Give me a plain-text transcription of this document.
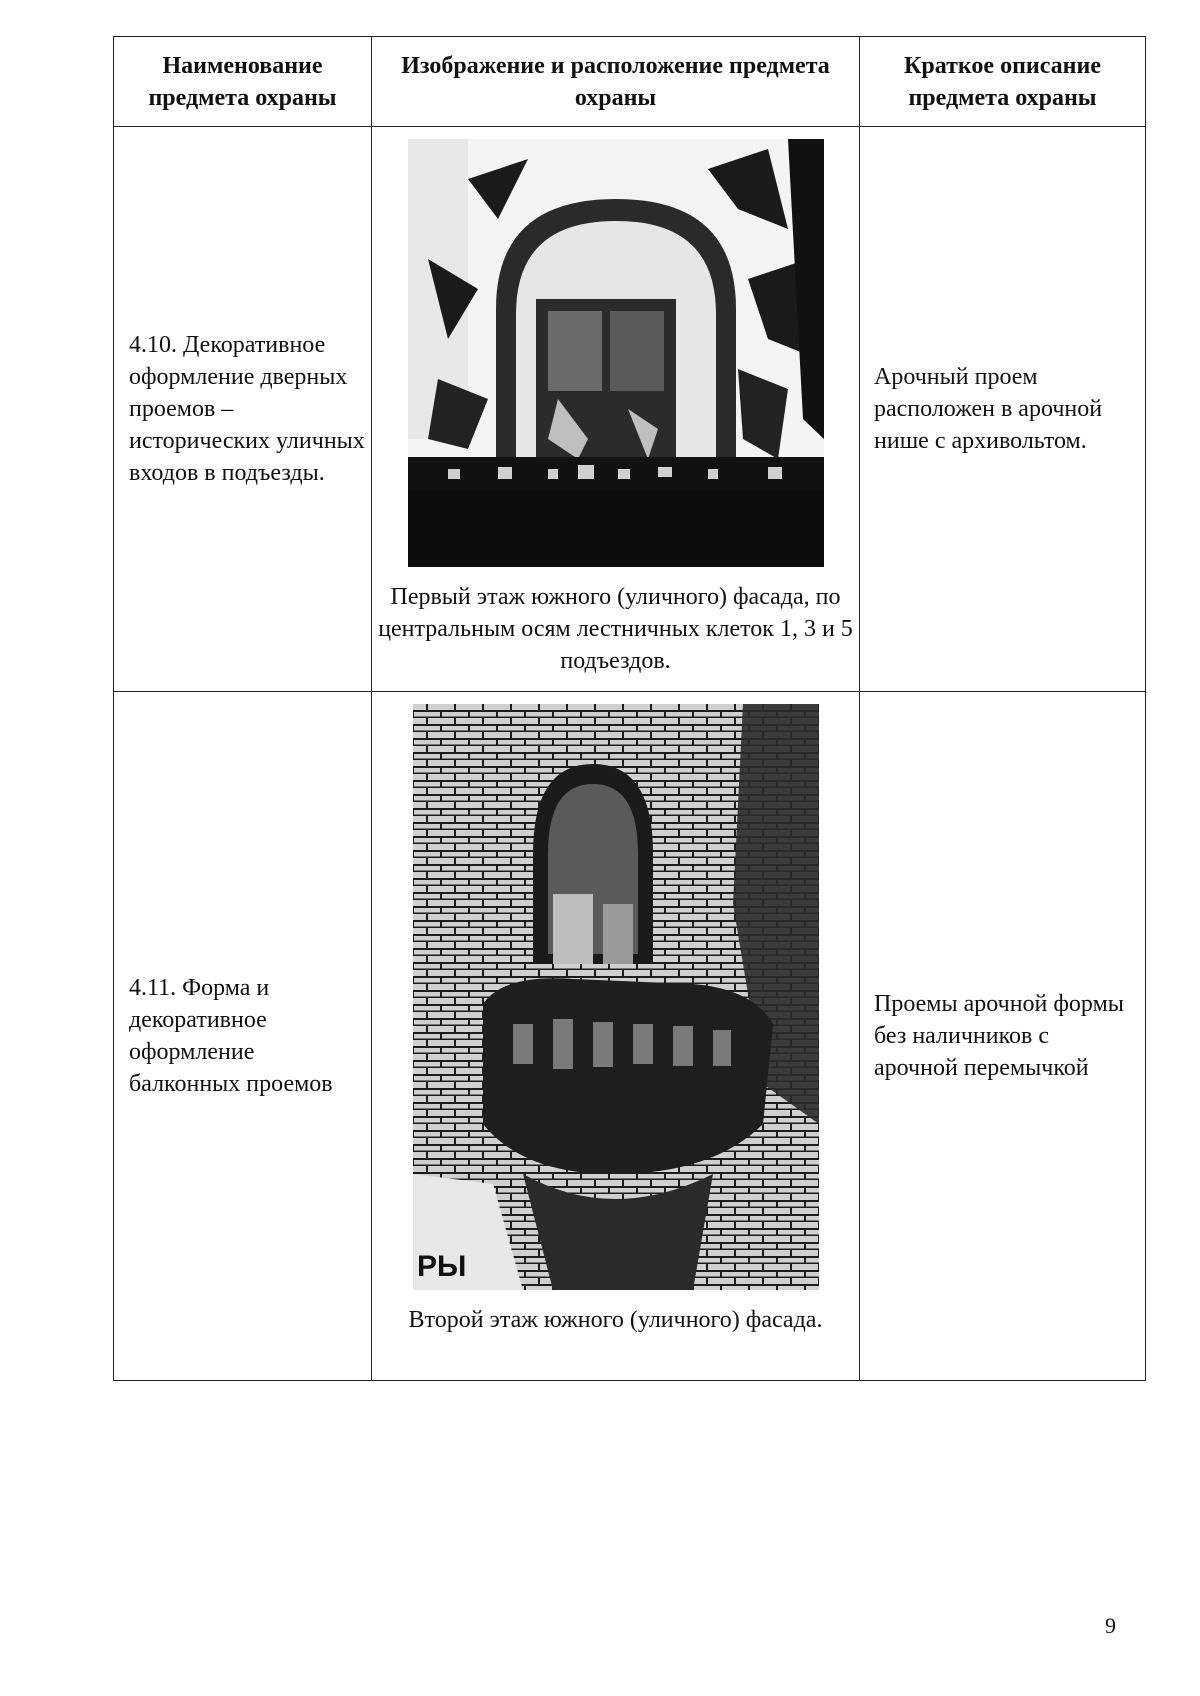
Наименование предмета охраны
Изображение и расположение предмета охраны
Краткое описание предмета охраны
4.10. Декоративное оформление дверных проемов – исторических уличных входов в подъезды.
Первый этаж южного (уличного) фасада, по центральным осям лестничных клеток 1, 3 и 5 подъездов.
Арочный проем расположен в арочной нише с архивольтом.
4.11. Форма и декоративное оформление балконных проемов
РЫ
Второй этаж южного (уличного) фасада.
Проемы арочной формы без наличников с арочной перемычкой
9
